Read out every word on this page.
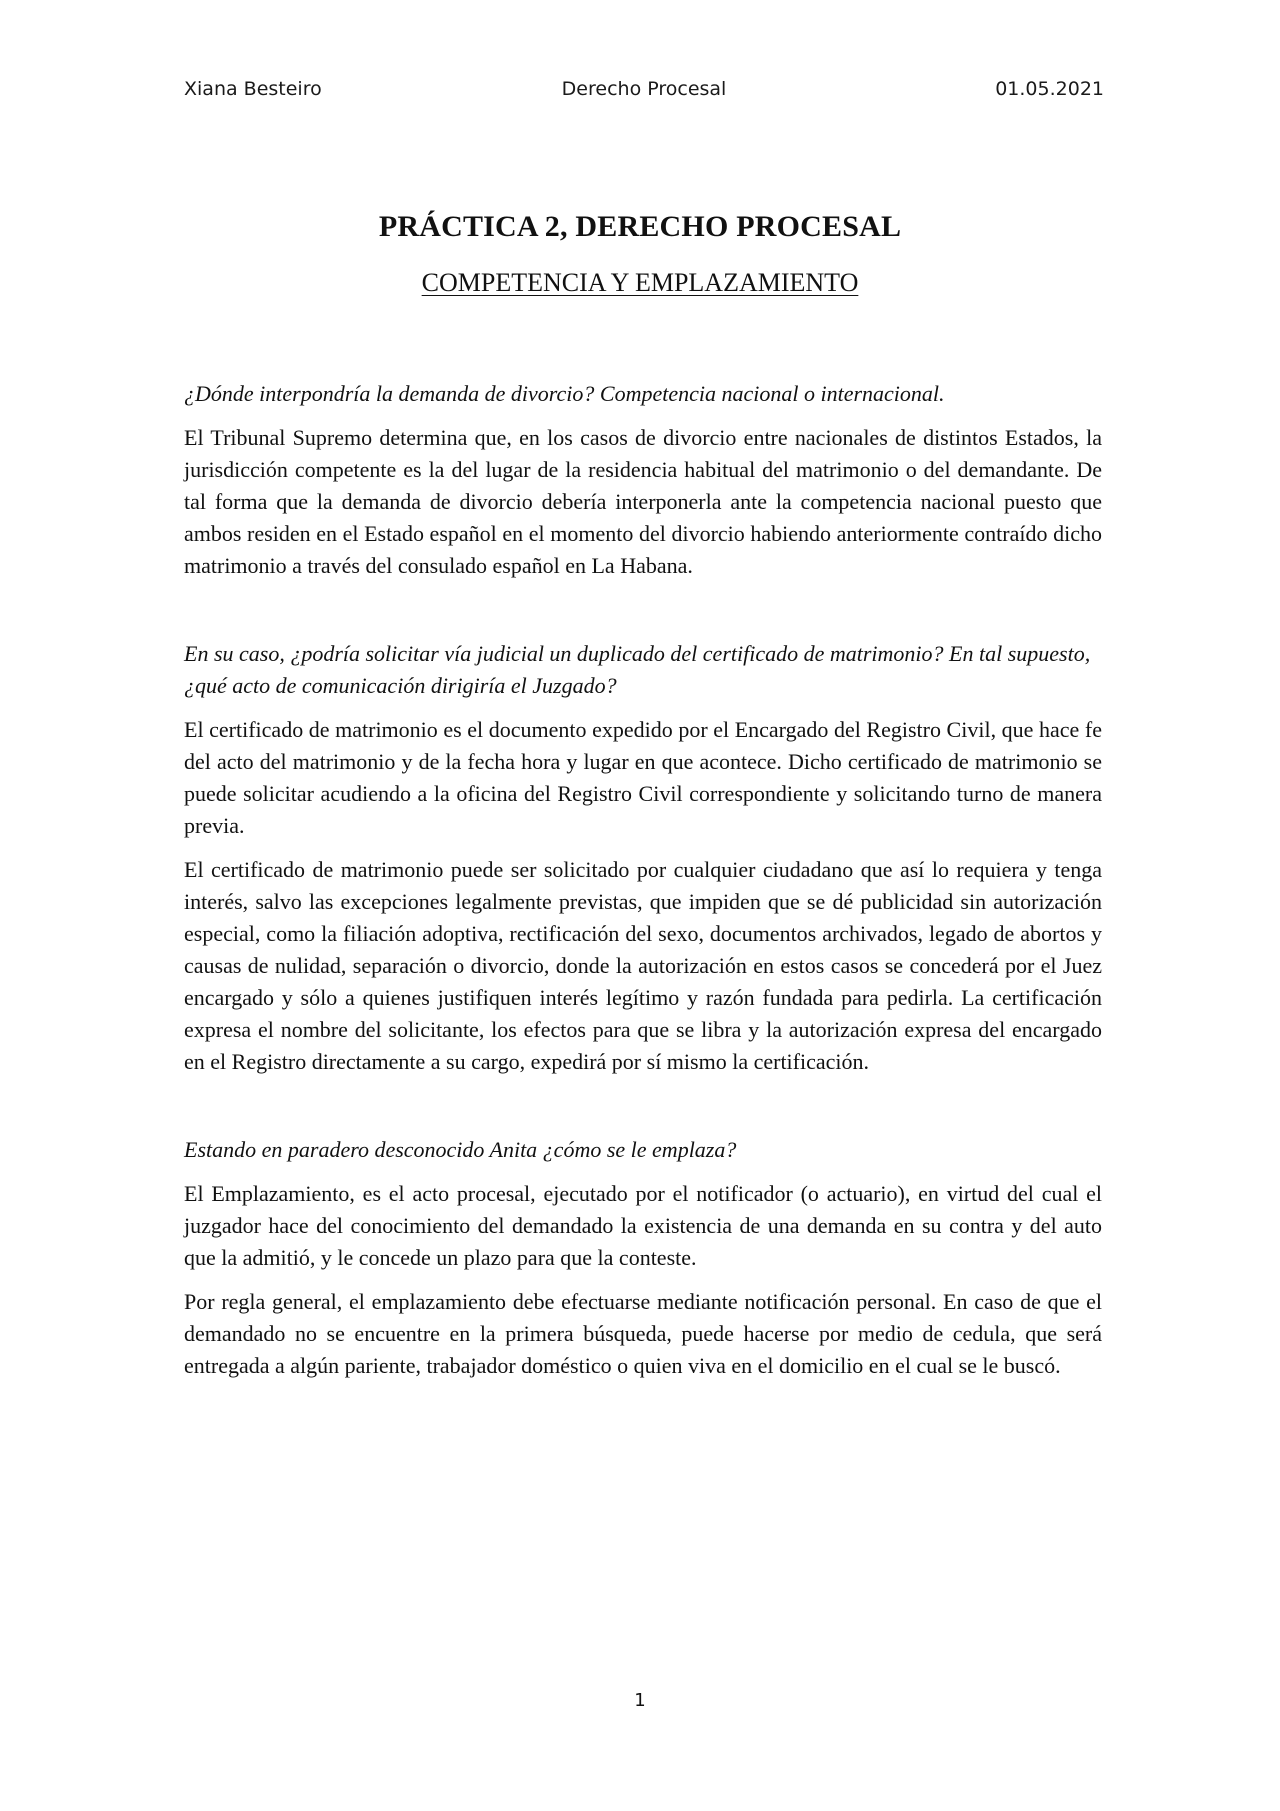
Xiana Besteiro	Derecho Procesal	01.05.2021
PRÁCTICA 2, DERECHO PROCESAL
COMPETENCIA Y EMPLAZAMIENTO

¿Dónde interpondría la demanda de divorcio? Competencia nacional o internacional.

El Tribunal Supremo determina que, en los casos de divorcio entre nacionales de distintos Estados, la jurisdicción competente es la del lugar de la residencia habitual del matrimonio o del demandante. De tal forma que la demanda de divorcio debería interponerla ante la competencia nacional puesto que ambos residen en el Estado español en el momento del divorcio habiendo anteriormente contraído dicho matrimonio a través del consulado español en La Habana.

En su caso, ¿podría solicitar vía judicial un duplicado del certificado de matrimonio? En tal supuesto, ¿qué acto de comunicación dirigiría el Juzgado?

El certificado de matrimonio es el documento expedido por el Encargado del Registro Civil, que hace fe del acto del matrimonio y de la fecha hora y lugar en que acontece. Dicho certificado de matrimonio se puede solicitar acudiendo a la oficina del Registro Civil correspondiente y solicitando turno de manera previa.

El certificado de matrimonio puede ser solicitado por cualquier ciudadano que así lo requiera y tenga interés, salvo las excepciones legalmente previstas, que impiden que se dé publicidad sin autorización especial, como la filiación adoptiva, rectificación del sexo, documentos archivados, legado de abortos y causas de nulidad, separación o divorcio, donde la autorización en estos casos se concederá por el Juez encargado y sólo a quienes justifiquen interés legítimo y razón fundada para pedirla. La certificación expresa el nombre del solicitante, los efectos para que se libra y la autorización expresa del encargado en el Registro directamente a su cargo, expedirá por sí mismo la certificación.

Estando en paradero desconocido Anita ¿cómo se le emplaza?

El Emplazamiento, es el acto procesal, ejecutado por el notificador (o actuario), en virtud del cual el juzgador hace del conocimiento del demandado la existencia de una demanda en su contra y del auto que la admitió, y le concede un plazo para que la conteste.

Por regla general, el emplazamiento debe efectuarse mediante notificación personal. En caso de que el demandado no se encuentre en la primera búsqueda, puede hacerse por medio de cedula, que será entregada a algún pariente, trabajador doméstico o quien viva en el domicilio en el cual se le buscó.

1
